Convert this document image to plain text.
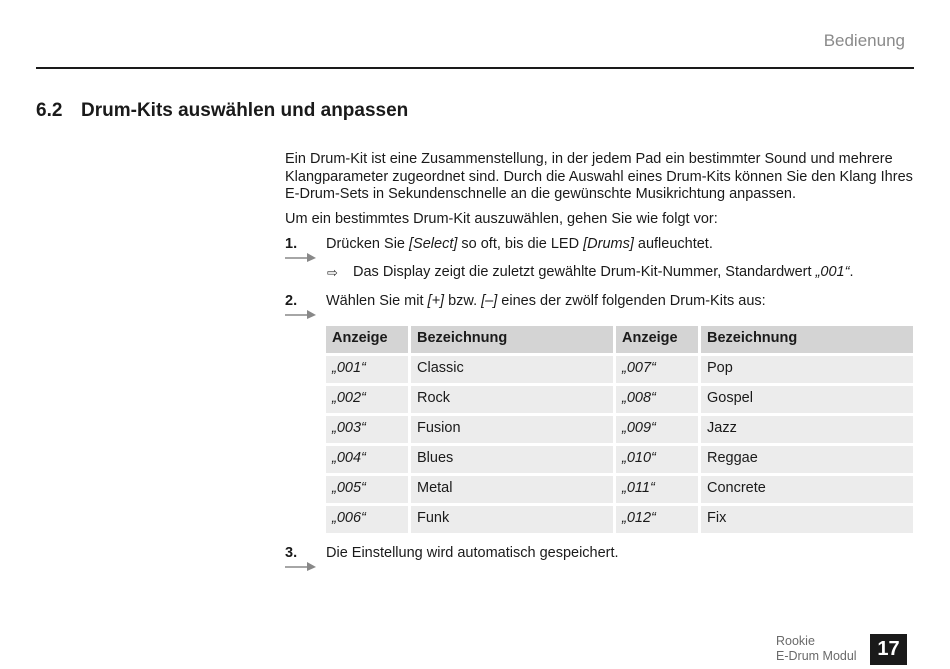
Bedienung
6.2 Drum-Kits auswählen und anpassen

Ein Drum-Kit ist eine Zusammenstellung, in der jedem Pad ein bestimmter Sound und mehrere Klangparameter zugeordnet sind. Durch die Auswahl eines Drum-Kits können Sie den Klang Ihres E-Drum-Sets in Sekundenschnelle an die gewünschte Musikrichtung anpassen.

Um ein bestimmtes Drum-Kit auszuwählen, gehen Sie wie folgt vor:

1. Drücken Sie [Select] so oft, bis die LED [Drums] aufleuchtet.
⇨ Das Display zeigt die zuletzt gewählte Drum-Kit-Nummer, Standardwert „001“.
2. Wählen Sie mit [+] bzw. [–] eines der zwölf folgenden Drum-Kits aus:
Anzeige	Bezeichnung	Anzeige	Bezeichnung
„001“	Classic	„007“	Pop
„002“	Rock	„008“	Gospel
„003“	Fusion	„009“	Jazz
„004“	Blues	„010“	Reggae
„005“	Metal	„011“	Concrete
„006“	Funk	„012“	Fix
3. Die Einstellung wird automatisch gespeichert.
Rookie
E-Drum Modul	17
